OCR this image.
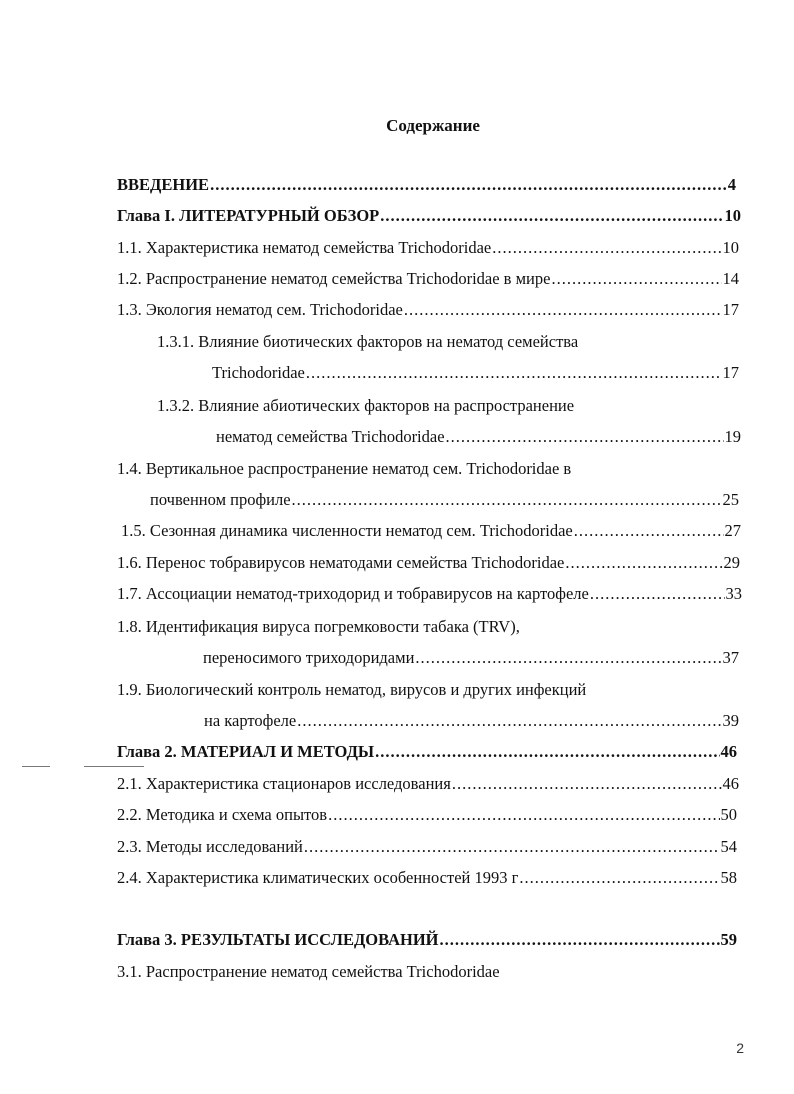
Содержание
ВВЕДЕНИЕ .....	4
Глава I. ЛИТЕРАТУРНЫЙ ОБЗОР .....	10
1.1. Характеристика нематод семейства Trichodoridae .....	10
1.2. Распространение нематод семейства Trichodoridae в мире .....	14
1.3. Экология нематод сем. Trichodoridae .....	17
1.3.1. Влияние биотических факторов на нематод семейства
Trichodoridae .....	17
1.3.2. Влияние абиотических факторов на распространение
нематод семейства Trichodoridae .....	19
1.4. Вертикальное распространение нематод сем. Trichodoridae в
почвенном профиле .....	25
1.5. Сезонная динамика численности нематод сем. Trichodoridae .....	27
1.6. Перенос тобравирусов нематодами семейства Trichodoridae .....	29
1.7. Ассоциации нематод-триходорид и тобравирусов на картофеле .....	33
1.8. Идентификация вируса погремковости табака (TRV),
переносимого триходоридами .....	37
1.9. Биологический контроль нематод, вирусов и других инфекций
на картофеле .....	39
Глава 2. МАТЕРИАЛ И МЕТОДЫ .....	46
2.1. Характеристика стационаров исследования .....	46
2.2. Методика и схема опытов .....	50
2.3. Методы исследований .....	54
2.4. Характеристика климатических особенностей 1993 г .....	58
Глава 3. РЕЗУЛЬТАТЫ ИССЛЕДОВАНИЙ .....	59
3.1. Распространение нематод семейства Trichodoridae
2
